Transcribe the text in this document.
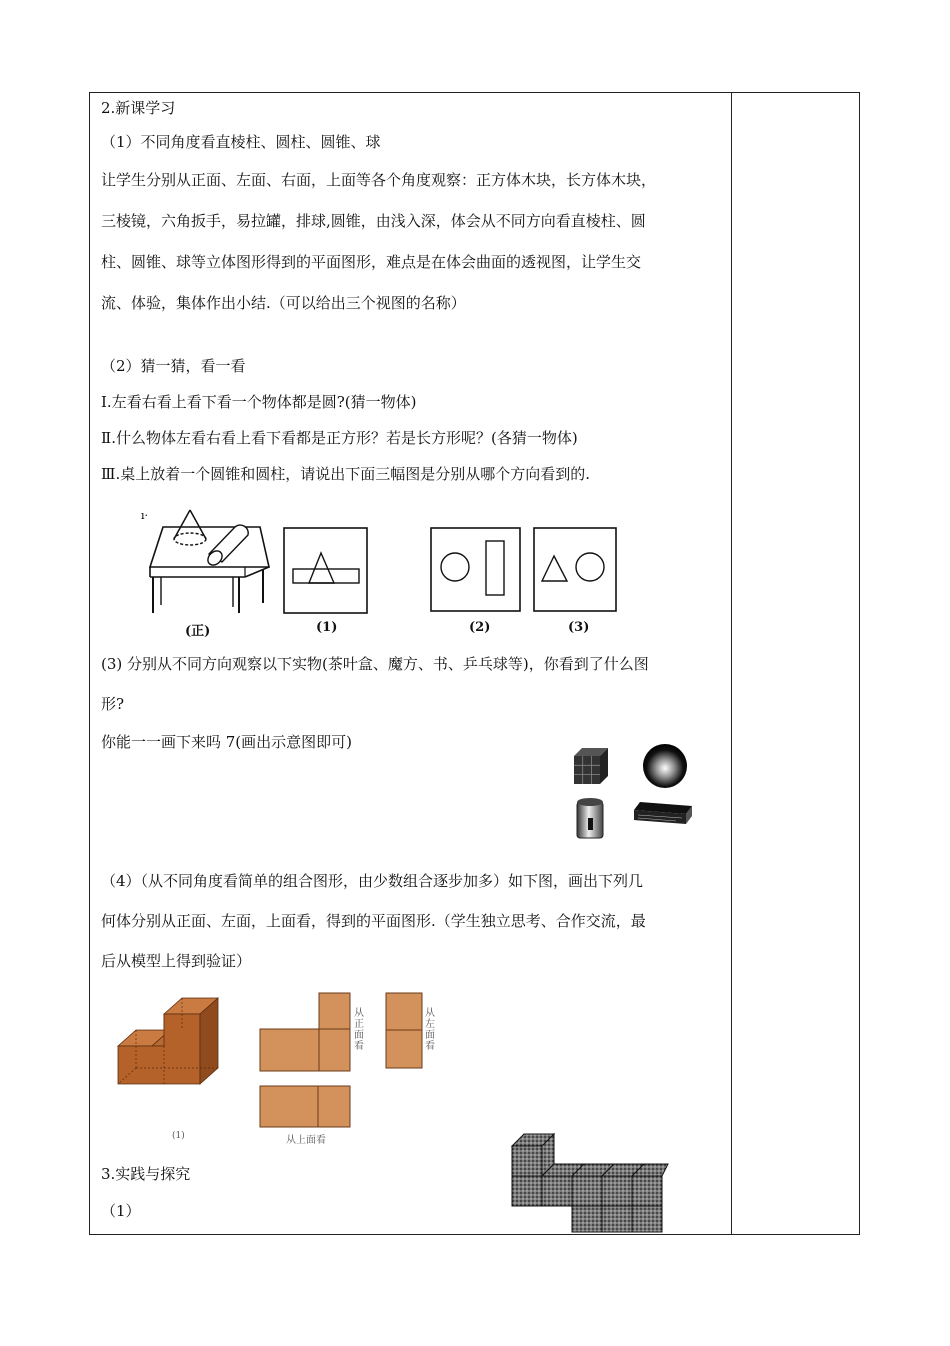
2.新课学习
（1）不同角度看直棱柱、圆柱、圆锥、球
让学生分别从正面、左面、右面，上面等各个角度观察：正方体木块，长方体木块，
三棱镜，六角扳手，易拉罐，排球,圆锥，由浅入深，体会从不同方向看直棱柱、圆
柱、圆锥、球等立体图形得到的平面图形，难点是在体会曲面的透视图，让学生交
流、体验，集体作出小结.（可以给出三个视图的名称）
（2）猜一猜，看一看
Ⅰ.左看右看上看下看一个物体都是圆?(猜一物体)
Ⅱ.什么物体左看右看上看下看都是正方形？若是长方形呢？(各猜一物体)
Ⅲ.桌上放着一个圆锥和圆柱，请说出下面三幅图是分别从哪个方向看到的.
ı·
(正)	(1)	(2)	(3)
(3) 分别从不同方向观察以下实物(茶叶盒、魔方、书、乒乓球等)，你看到了什么图
形?
你能一一画下来吗 7(画出示意图即可)
（4）（从不同角度看简单的组合图形，由少数组合逐步加多）如下图，画出下列几
何体分别从正面、左面，上面看，得到的平面图形.（学生独立思考、合作交流，最
后从模型上得到验证）
(1)
从正面看
从左面看
从上面看
3.实践与探究
（1）
